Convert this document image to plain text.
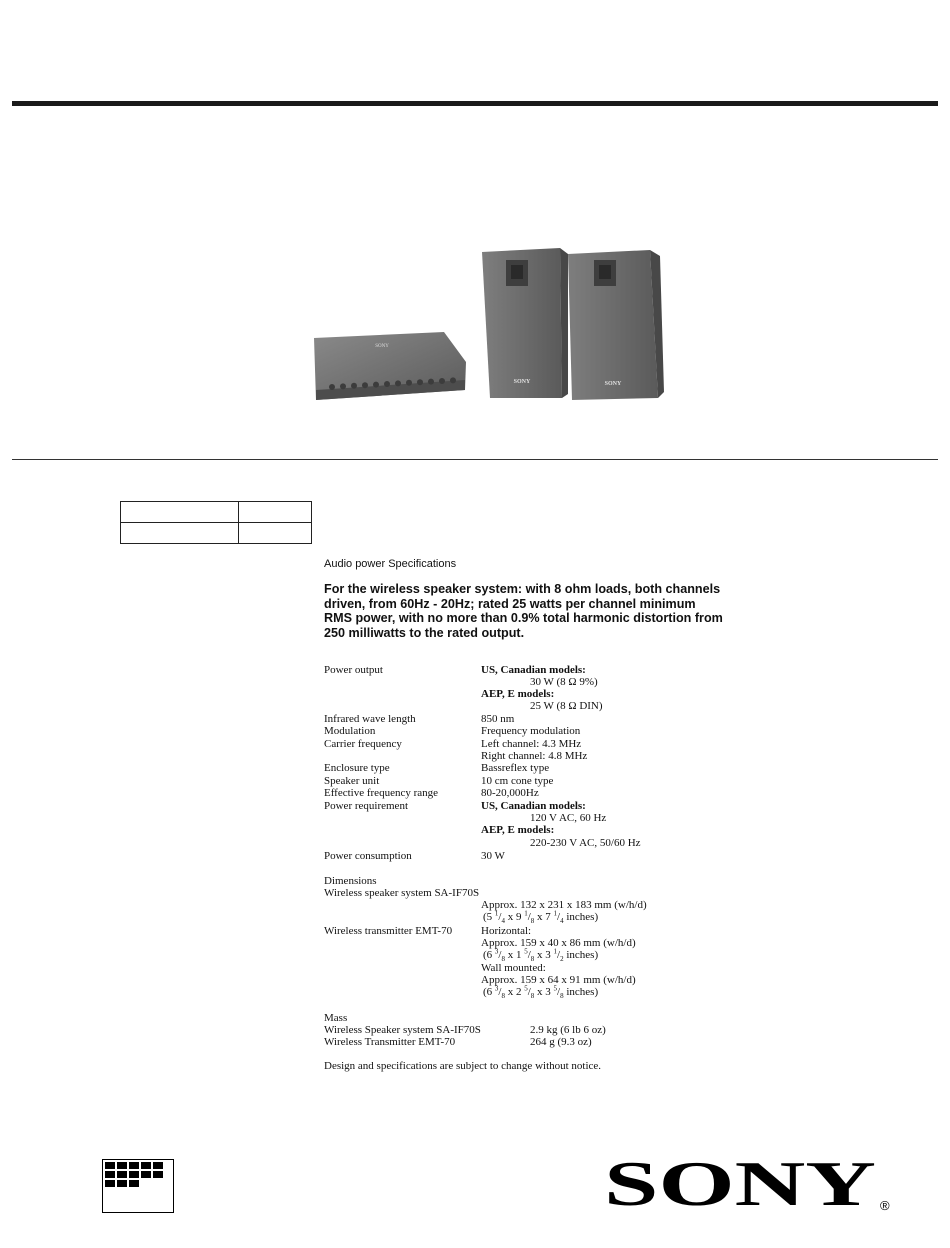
SONY
SONY	SONY

Audio power Specifications

For the wireless speaker system: with 8 ohm loads, both channels driven, from 60Hz - 20Hz; rated 25 watts per channel minimum RMS power, with no more than 0.9% total harmonic distortion from 250 milliwatts to the rated output.

Power output	US, Canadian models:
30 W (8 Ω 9%)
AEP, E models:
25 W (8 Ω DIN)
Infrared wave length	850 nm
Modulation	Frequency modulation
Carrier frequency	Left channel: 4.3 MHz
Right channel: 4.8 MHz
Enclosure type	Bassreflex type
Speaker unit	10 cm cone type
Effective frequency range	80-20,000Hz
Power requirement	US, Canadian models:
120 V AC, 60 Hz
AEP, E models:
220-230 V AC, 50/60 Hz
Power consumption	30 W
Dimensions
Wireless speaker system SA-IF70S
Approx. 132 x 231 x 183 mm (w/h/d)
(5 $^1/_4$ x 9 $^1/_8$ x 7 $^1/_4$ inches)
Wireless transmitter EMT-70	Horizontal:
Approx. 159 x 40 x 86 mm (w/h/d)
(6 $^3/_8$ x 1 $^5/_8$ x 3 $^1/_2$ inches)
Wall mounted:
Approx. 159 x 64 x 91 mm (w/h/d)
(6 $^3/_8$ x 2 $^5/_8$ x 3 $^5/_8$ inches)
Mass
Wireless Speaker system SA-IF70S	2.9 kg (6 lb 6 oz)
Wireless Transmitter EMT-70	264 g (9.3 oz)
Design and specifications are subject to change without notice.
SONY ®
